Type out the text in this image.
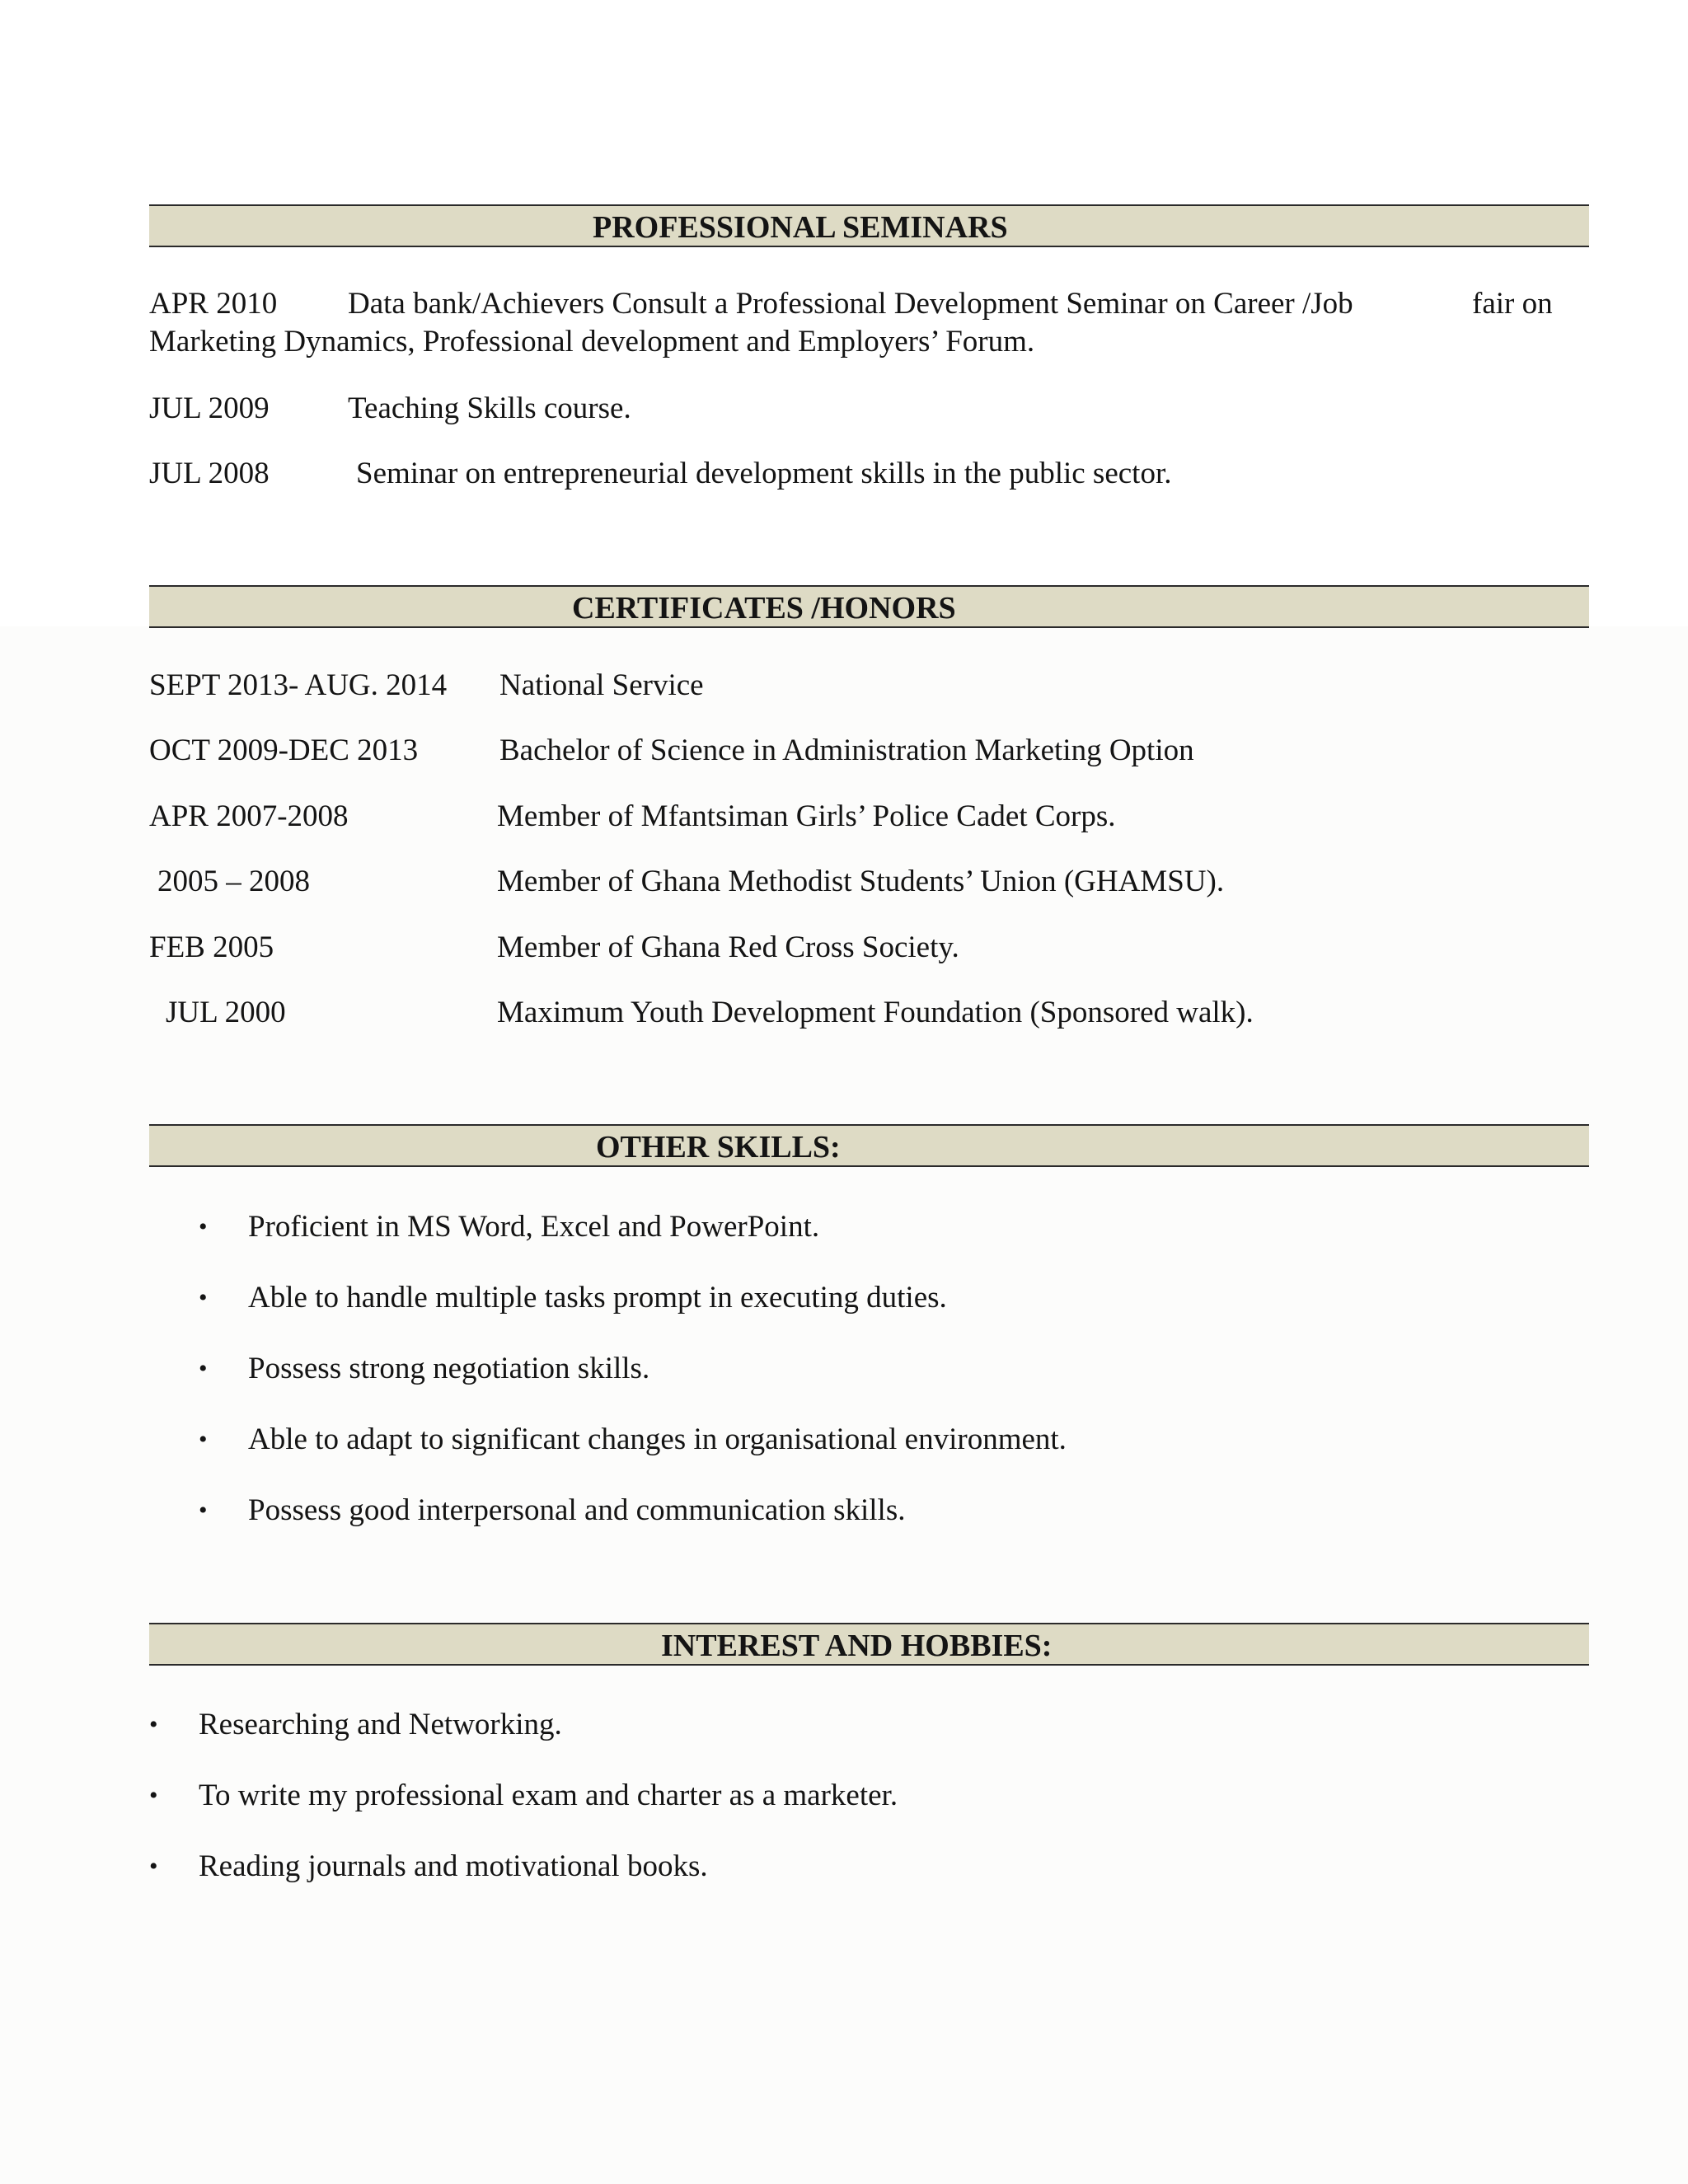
PROFESSIONAL SEMINARS
APR 2010 Data bank/Achievers Consult a Professional Development Seminar on Career /Job	fair on
Marketing Dynamics, Professional development and Employers’ Forum.
JUL 2009	Teaching Skills course.
JUL 2008	Seminar on entrepreneurial development skills in the public sector.
CERTIFICATES /HONORS
SEPT 2013- AUG. 2014 National Service
OCT 2009-DEC 2013	Bachelor of Science in Administration Marketing Option
APR 2007-2008	Member of Mfantsiman Girls’ Police Cadet Corps.
2005 – 2008	Member of Ghana Methodist Students’ Union (GHAMSU).
FEB 2005	Member of Ghana Red Cross Society.
JUL 2000	Maximum Youth Development Foundation (Sponsored walk).
OTHER SKILLS:
• Proficient in MS Word, Excel and PowerPoint.
• Able to handle multiple tasks prompt in executing duties.
• Possess strong negotiation skills.
• Able to adapt to significant changes in organisational environment.
• Possess good interpersonal and communication skills.
INTEREST AND HOBBIES:
• Researching and Networking.
• To write my professional exam and charter as a marketer.
• Reading journals and motivational books.
